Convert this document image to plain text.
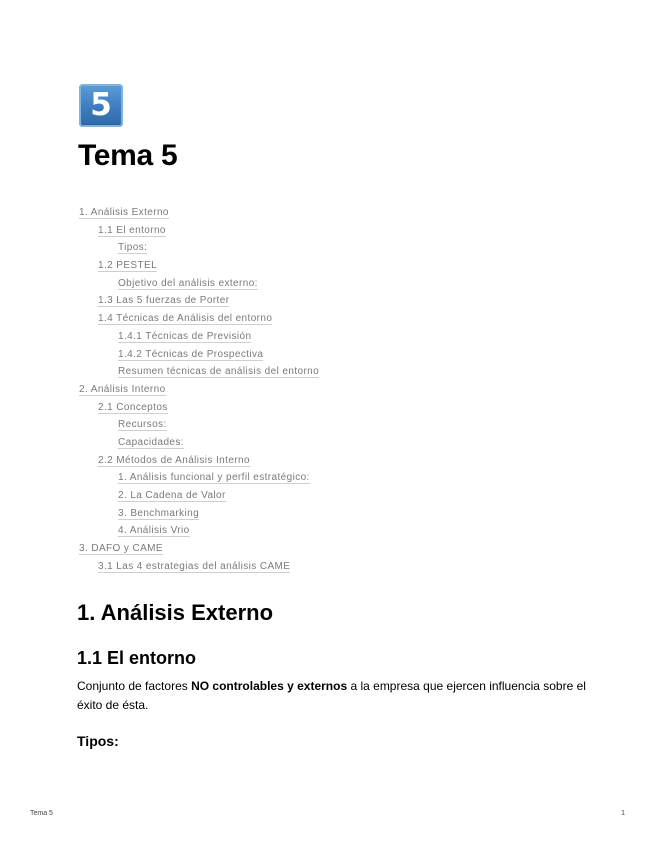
5
Tema 5
1. Análisis Externo
1.1 El entorno
Tipos:
1.2 PESTEL
Objetivo del análisis externo:
1.3 Las 5 fuerzas de Porter
1.4 Técnicas de Análisis del entorno
1.4.1 Técnicas de Previsión
1.4.2 Técnicas de Prospectiva
Resumen técnicas de análisis del entorno
2. Análisis Interno
2.1 Conceptos
Recursos:
Capacidades:
2.2 Métodos de Análisis Interno
1. Análisis funcional y perfil estratégico:
2. La Cadena de Valor
3. Benchmarking
4. Análisis Vrio
3. DAFO y CAME
3.1 Las 4 estrategias del análisis CAME
1. Análisis Externo
1.1 El entorno

Conjunto de factores NO controlables y externos a la empresa que ejercen influencia sobre el éxito de ésta.

Tipos:
Tema 5	1
